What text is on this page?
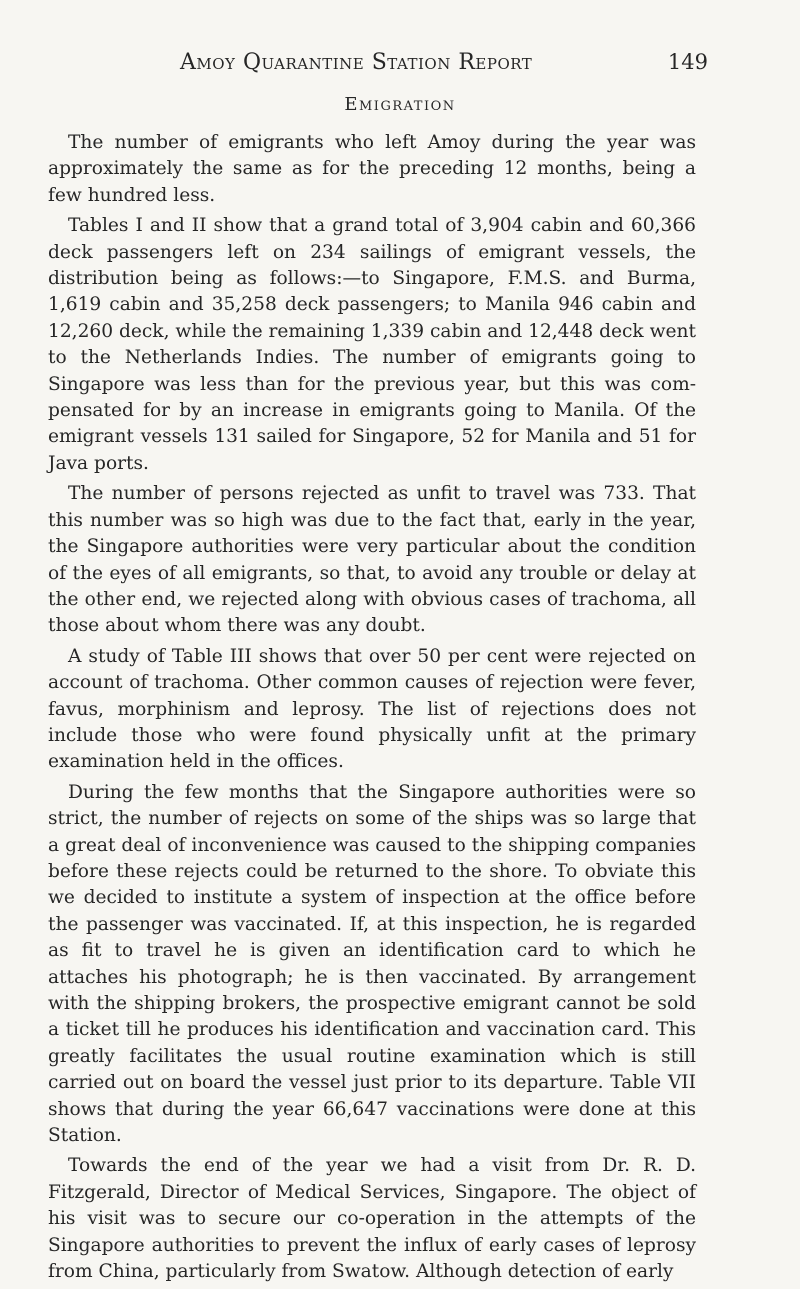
Amoy Quarantine Station Report	149
Emigration

The number of emigrants who left Amoy during the year was approximately the same as for the preceding 12 months, being a few hundred less.

Tables I and II show that a grand total of 3,904 cabin and 60,366 deck passengers left on 234 sailings of emigrant vessels, the distribution being as follows:—to Singapore, F.M.S. and Burma, 1,619 cabin and 35,258 deck passengers; to Manila 946 cabin and 12,260 deck, while the remaining 1,339 cabin and 12,448 deck went to the Netherlands Indies. The number of emigrants going to Singapore was less than for the previous year, but this was compensated for by an increase in emigrants going to Manila. Of the emigrant vessels 131 sailed for Singapore, 52 for Manila and 51 for Java ports.

The number of persons rejected as unfit to travel was 733. That this number was so high was due to the fact that, early in the year, the Singapore authorities were very particular about the condition of the eyes of all emigrants, so that, to avoid any trouble or delay at the other end, we rejected along with obvious cases of trachoma, all those about whom there was any doubt.

A study of Table III shows that over 50 per cent were rejected on account of trachoma. Other common causes of rejection were fever, favus, morphinism and leprosy. The list of rejections does not include those who were found physically unfit at the primary examination held in the offices.

During the few months that the Singapore authorities were so strict, the number of rejects on some of the ships was so large that a great deal of inconvenience was caused to the shipping companies before these rejects could be returned to the shore. To obviate this we decided to institute a system of inspection at the office before the passenger was vaccinated. If, at this inspection, he is regarded as fit to travel he is given an identification card to which he attaches his photograph; he is then vaccinated. By arrangement with the shipping brokers, the prospective emigrant cannot be sold a ticket till he produces his identification and vaccination card. This greatly facilitates the usual routine examination which is still carried out on board the vessel just prior to its departure. Table VII shows that during the year 66,647 vaccinations were done at this Station.

Towards the end of the year we had a visit from Dr. R. D. Fitzgerald, Director of Medical Services, Singapore. The object of his visit was to secure our co-operation in the attempts of the Singapore authorities to prevent the influx of early cases of leprosy from China, particularly from Swatow. Although detection of early
